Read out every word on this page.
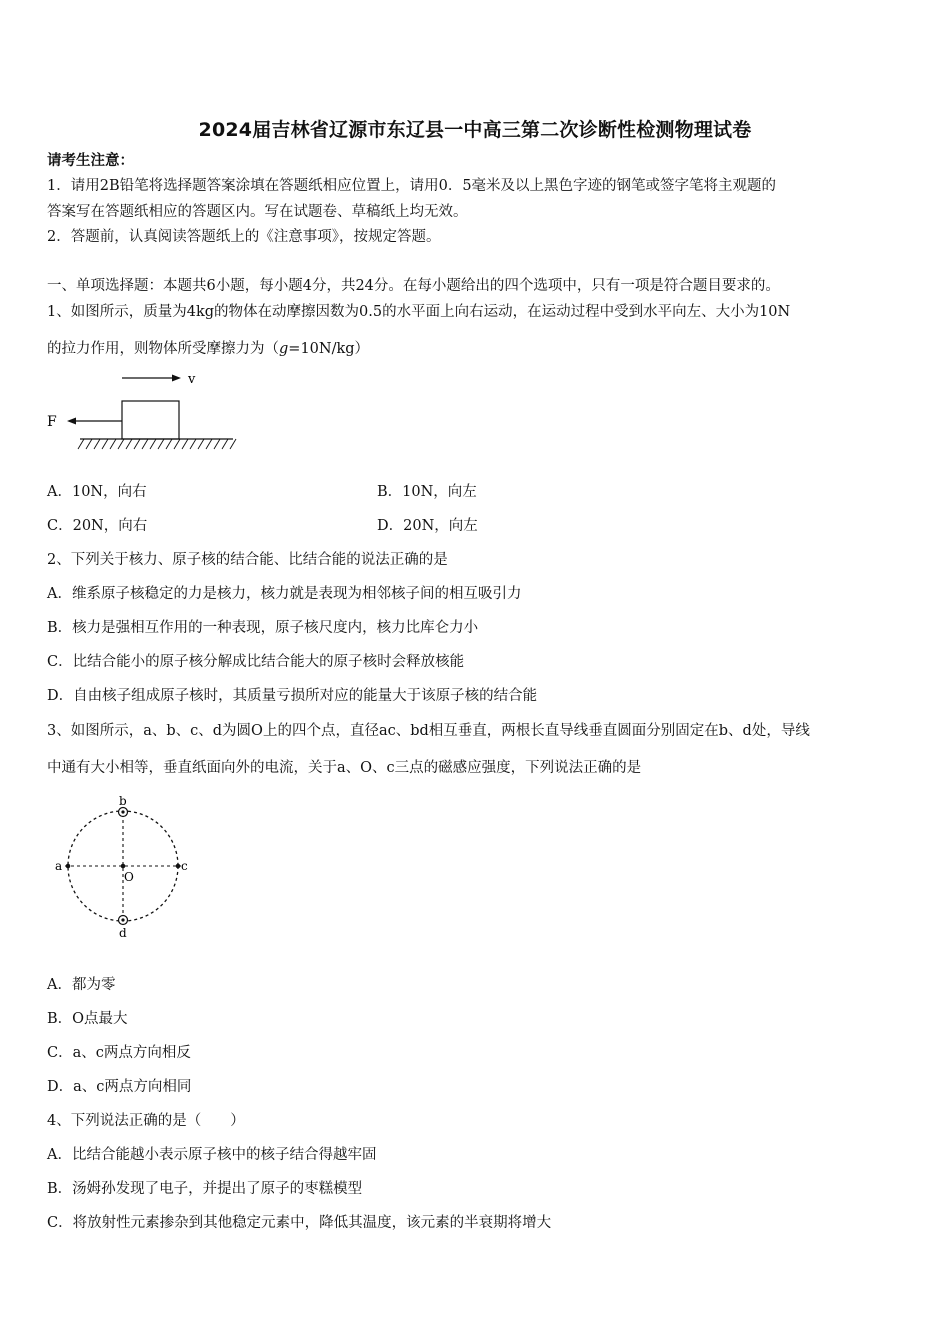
2024届吉林省辽源市东辽县一中高三第二次诊断性检测物理试卷
请考生注意：
1．请用2B铅笔将选择题答案涂填在答题纸相应位置上，请用0．5毫米及以上黑色字迹的钢笔或签字笔将主观题的
答案写在答题纸相应的答题区内。写在试题卷、草稿纸上均无效。
2．答题前，认真阅读答题纸上的《注意事项》，按规定答题。
一、单项选择题：本题共6小题，每小题4分，共24分。在每小题给出的四个选项中，只有一项是符合题目要求的。
1、如图所示，质量为4kg的物体在动摩擦因数为0.5的水平面上向右运动，在运动过程中受到水平向左、大小为10N
的拉力作用，则物体所受摩擦力为（g=10N/kg）
v
F
A．10N，向右	B．10N，向左
C．20N，向右	D．20N，向左
2、下列关于核力、原子核的结合能、比结合能的说法正确的是
A．维系原子核稳定的力是核力，核力就是表现为相邻核子间的相互吸引力
B．核力是强相互作用的一种表现，原子核尺度内，核力比库仑力小
C．比结合能小的原子核分解成比结合能大的原子核时会释放核能
D．自由核子组成原子核时，其质量亏损所对应的能量大于该原子核的结合能
3、如图所示，a、b、c、d为圆O上的四个点，直径ac、bd相互垂直，两根长直导线垂直圆面分别固定在b、d处，导线
中通有大小相等，垂直纸面向外的电流，关于a、O、c三点的磁感应强度，下列说法正确的是
b
d
a	c
O
A．都为零
B．O点最大
C．a、c两点方向相反
D．a、c两点方向相同
4、下列说法正确的是（　　）
A．比结合能越小表示原子核中的核子结合得越牢固
B．汤姆孙发现了电子，并提出了原子的枣糕模型
C．将放射性元素掺杂到其他稳定元素中，降低其温度，该元素的半衰期将增大
